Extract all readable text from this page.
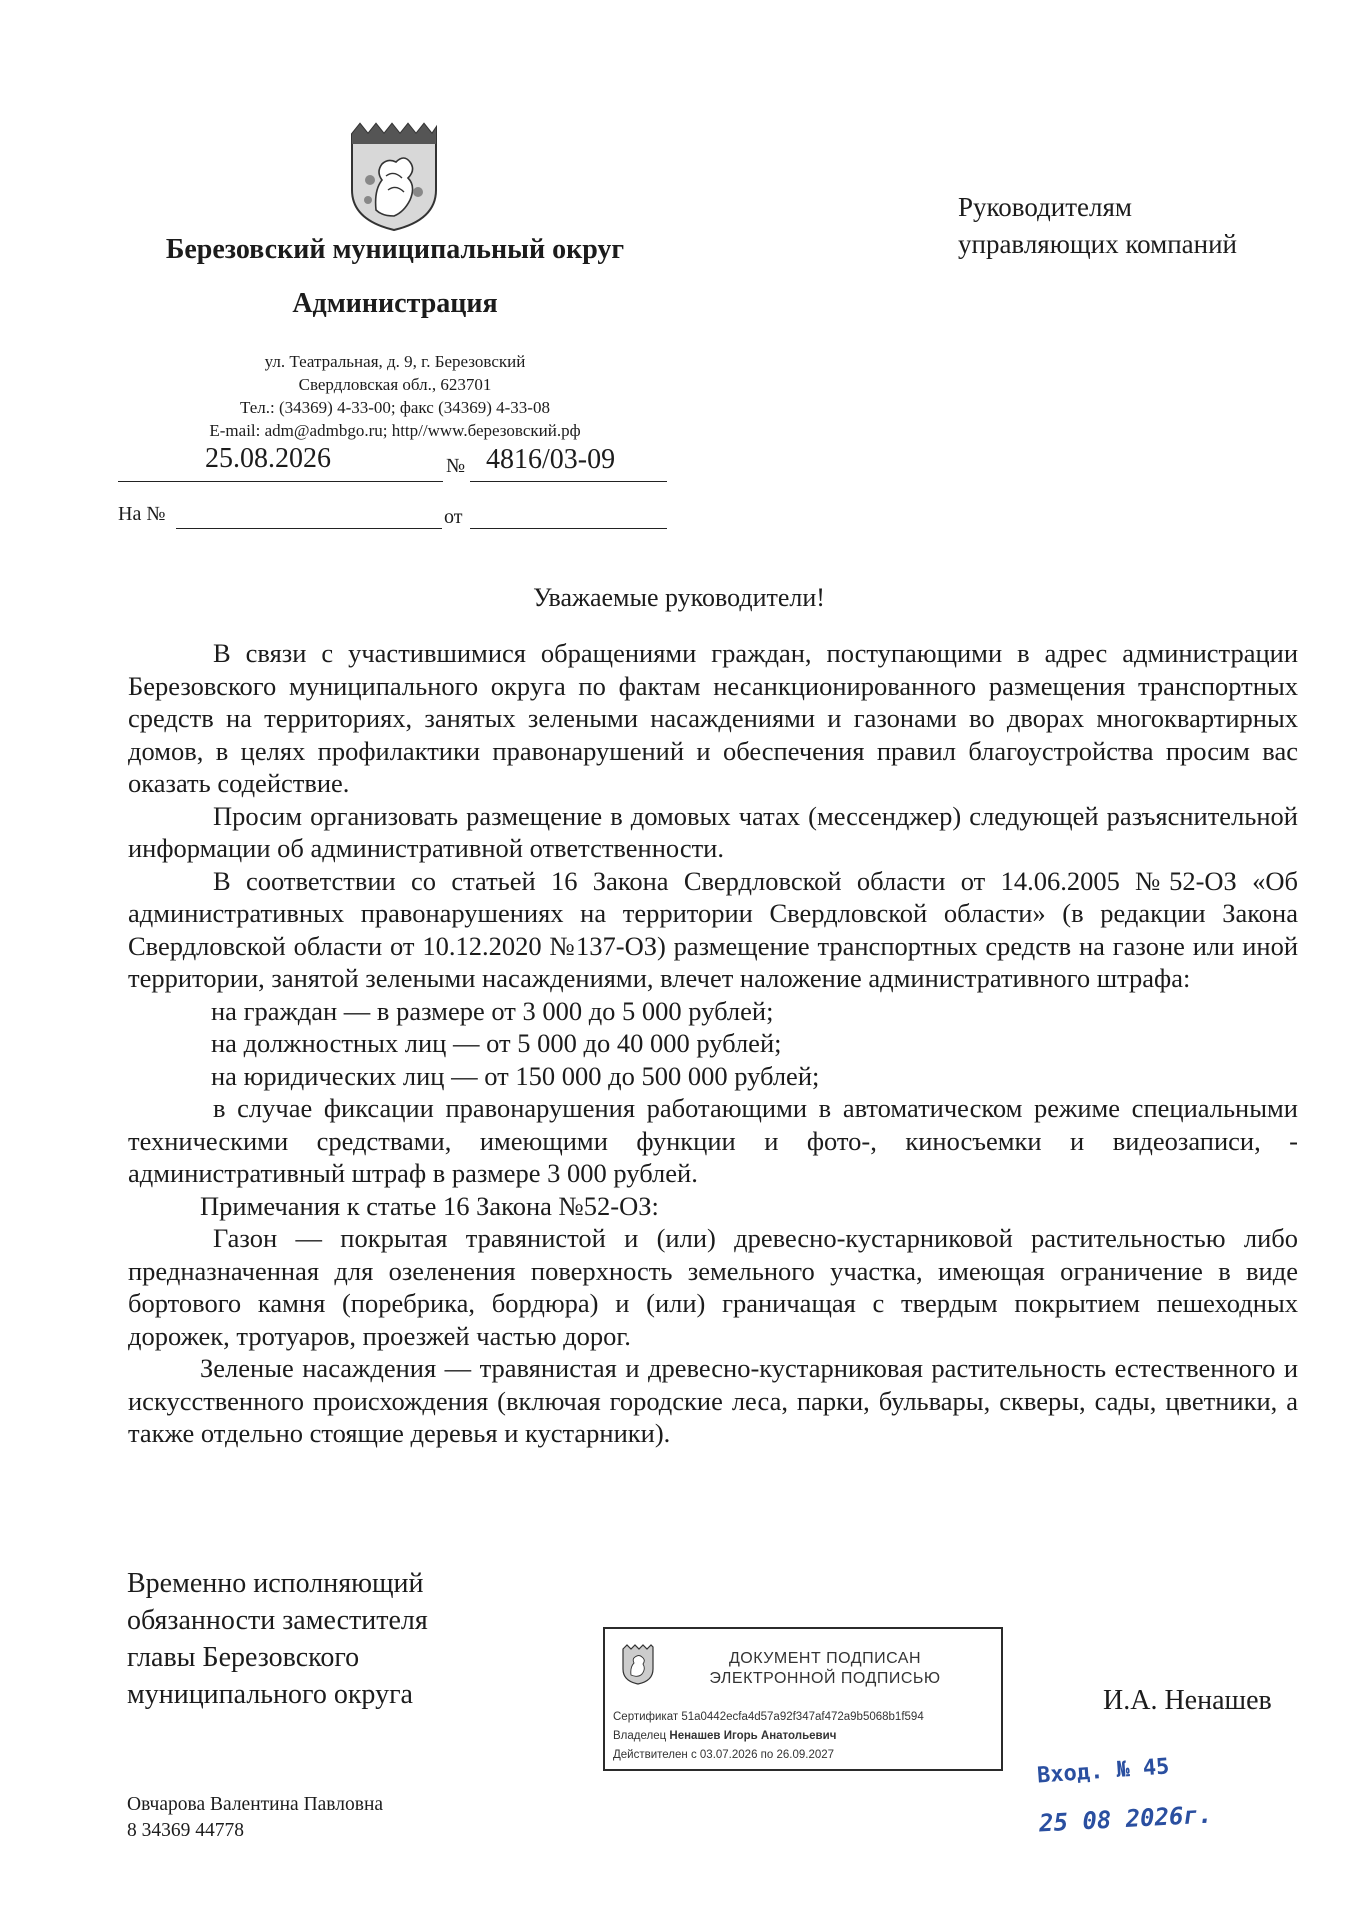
Березовский муниципальный округ
Администрация
ул. Театральная, д. 9, г. Березовский
Свердловская обл., 623701
Тел.: (34369) 4-33-00; факс (34369) 4-33-08
E-mail: adm@admbgo.ru; http//www.березовский.рф
25.08.2026	№ 4816/03-09
На №	от
Руководителям
управляющих компаний
Уважаемые руководители!

В связи с участившимися обращениями граждан, поступающими в адрес администрации Березовского муниципального округа по фактам несанкционированного размещения транспортных средств на территориях, занятых зелеными насаждениями и газонами во дворах многоквартирных домов, в целях профилактики правонарушений и обеспечения правил благоустройства просим вас оказать содействие.

Просим организовать размещение в домовых чатах (мессенджер) следующей разъяснительной информации об административной ответственности.

В соответствии со статьей 16 Закона Свердловской области от 14.06.2005 №52-ОЗ «Об административных правонарушениях на территории Свердловской области» (в редакции Закона Свердловской области от 10.12.2020 №137-ОЗ) размещение транспортных средств на газоне или иной территории, занятой зелеными насаждениями, влечет наложение административного штрафа:

на граждан — в размере от 3 000 до 5 000 рублей;

на должностных лиц — от 5 000 до 40 000 рублей;

на юридических лиц — от 150 000 до 500 000 рублей;

в случае фиксации правонарушения работающими в автоматическом режиме специальными техническими средствами, имеющими функции и фото-, киносъемки и видеозаписи, - административный штраф в размере 3 000 рублей.

Примечания к статье 16 Закона №52-ОЗ:

Газон — покрытая травянистой и (или) древесно-кустарниковой растительностью либо предназначенная для озеленения поверхность земельного участка, имеющая ограничение в виде бортового камня (поребрика, бордюра) и (или) граничащая с твердым покрытием пешеходных дорожек, тротуаров, проезжей частью дорог.

Зеленые насаждения — травянистая и древесно-кустарниковая растительность естественного и искусственного происхождения (включая городские леса, парки, бульвары, скверы, сады, цветники, а также отдельно стоящие деревья и кустарники).

Временно исполняющий
обязанности заместителя
главы Березовского
муниципального округа	И.А. Ненашев
ДОКУМЕНТ ПОДПИСАН
ЭЛЕКТРОННОЙ ПОДПИСЬЮ
Сертификат 51a0442ecfa4d57a92f347af472a9b5068b1f594
Владелец Ненашев Игорь Анатольевич
Действителен с 03.07.2026 по 26.09.2027
Овчарова Валентина Павловна
8 34369 44778
Вход. № 45
25 08 2026г.
